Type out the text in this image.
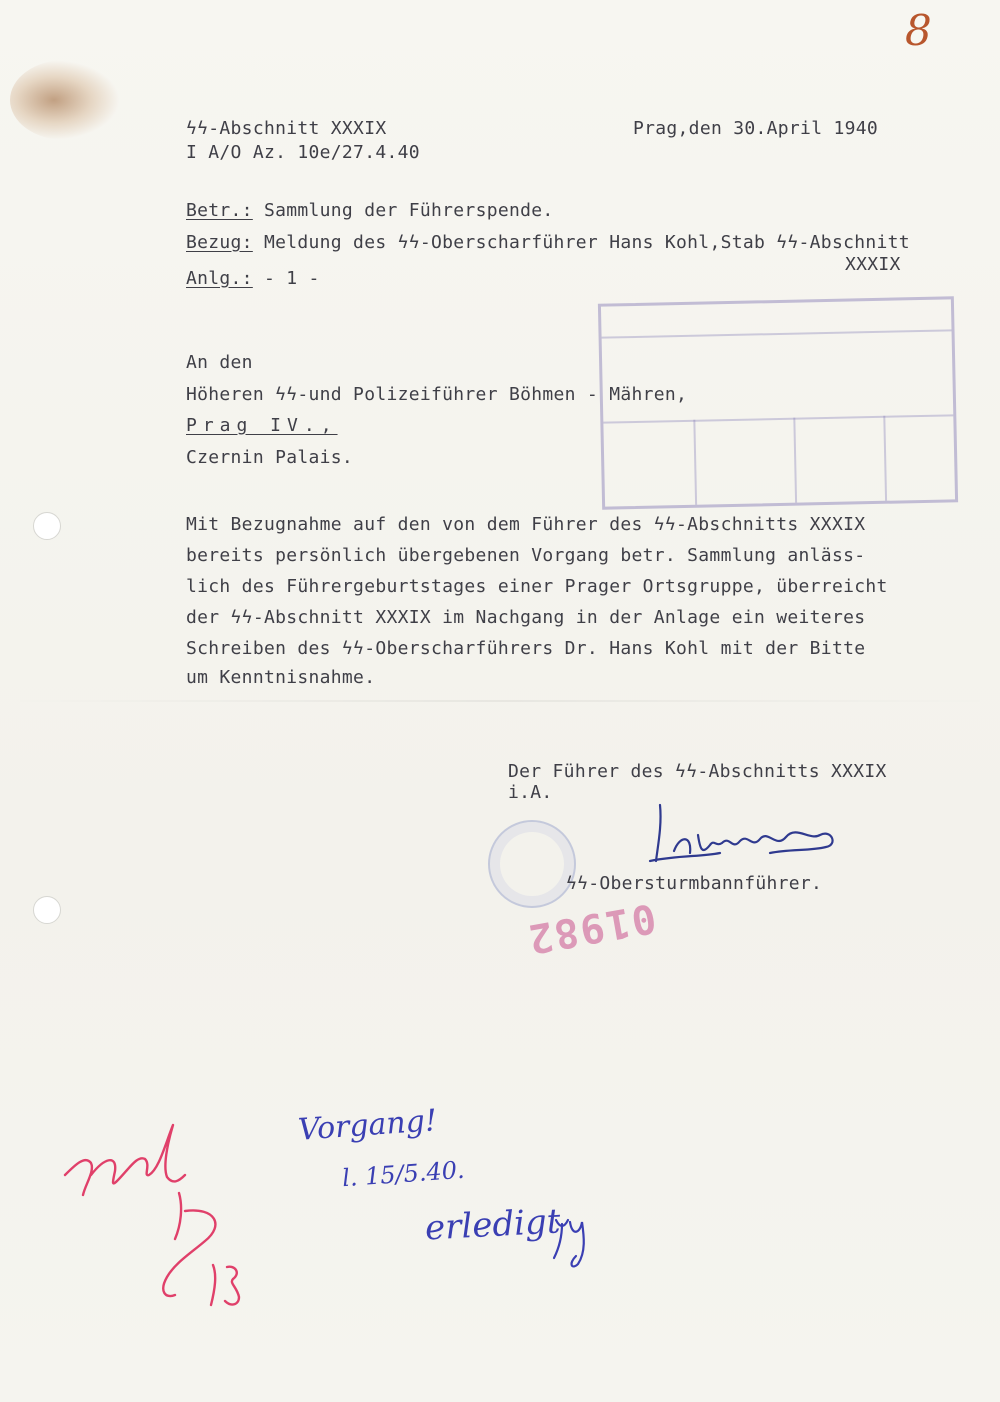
8
ϟϟ-Abschnitt XXXIX
I A/O Az. 10e/27.4.40
Prag,den 30.April 1940
Betr.: Sammlung der Führerspende.
Bezug: Meldung des ϟϟ-Oberscharführer Hans Kohl,Stab ϟϟ-Abschnitt
XXXIX
Anlg.: - 1 -
An den
Höheren ϟϟ-und Polizeiführer Böhmen - Mähren,
Prag IV.,
Czernin Palais.
Mit Bezugnahme auf den von dem Führer des ϟϟ-Abschnitts XXXIX
bereits persönlich übergebenen Vorgang betr. Sammlung anläss-
lich des Führergeburtstages einer Prager Ortsgruppe, überreicht
der ϟϟ-Abschnitt XXXIX im Nachgang in der Anlage ein weiteres
Schreiben des ϟϟ-Oberscharführers Dr. Hans Kohl mit der Bitte
um Kenntnisnahme.
Der Führer des ϟϟ-Abschnitts XXXIX
i.A.
ϟϟ-Obersturmbannführer.
01982
Vorgang!
l. 15/5.40.
erledigt
